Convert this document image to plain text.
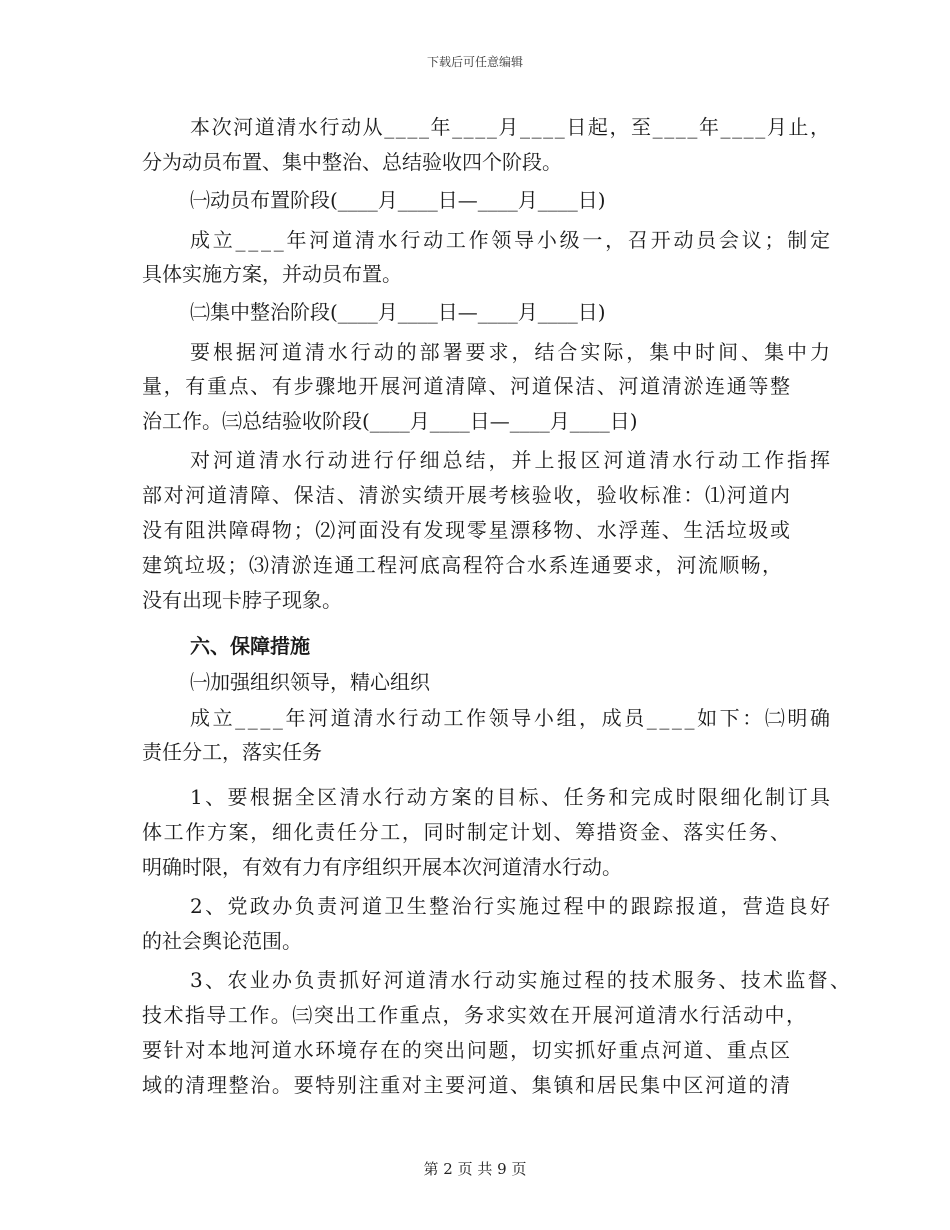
下载后可任意编辑
本次河道清水行动从____年____月____日起，至____年____月止，
分为动员布置、集中整治、总结验收四个阶段。
㈠动员布置阶段(____月____日—____月____日)
成立____年河道清水行动工作领导小级一，召开动员会议；制定
具体实施方案，并动员布置。
㈡集中整治阶段(____月____日—____月____日)
要根据河道清水行动的部署要求，结合实际，集中时间、集中力
量，有重点、有步骤地开展河道清障、河道保洁、河道清淤连通等整
治工作。㈢总结验收阶段(____月____日—____月____日)
对河道清水行动进行仔细总结，并上报区河道清水行动工作指挥
部对河道清障、保洁、清淤实绩开展考核验收，验收标准：⑴河道内
没有阻洪障碍物；⑵河面没有发现零星漂移物、水浮莲、生活垃圾或
建筑垃圾；⑶清淤连通工程河底高程符合水系连通要求，河流顺畅，
没有出现卡脖子现象。
六、保障措施
㈠加强组织领导，精心组织
成立____年河道清水行动工作领导小组，成员____如下：㈡明确
责任分工，落实任务
1、要根据全区清水行动方案的目标、任务和完成时限细化制订具
体工作方案，细化责任分工，同时制定计划、筹措资金、落实任务、
明确时限，有效有力有序组织开展本次河道清水行动。
2、党政办负责河道卫生整治行实施过程中的跟踪报道，营造良好
的社会舆论范围。
3、农业办负责抓好河道清水行动实施过程的技术服务、技术监督、
技术指导工作。㈢突出工作重点，务求实效在开展河道清水行活动中，
要针对本地河道水环境存在的突出问题，切实抓好重点河道、重点区
域的清理整治。要特别注重对主要河道、集镇和居民集中区河道的清
第 2 页 共 9 页
